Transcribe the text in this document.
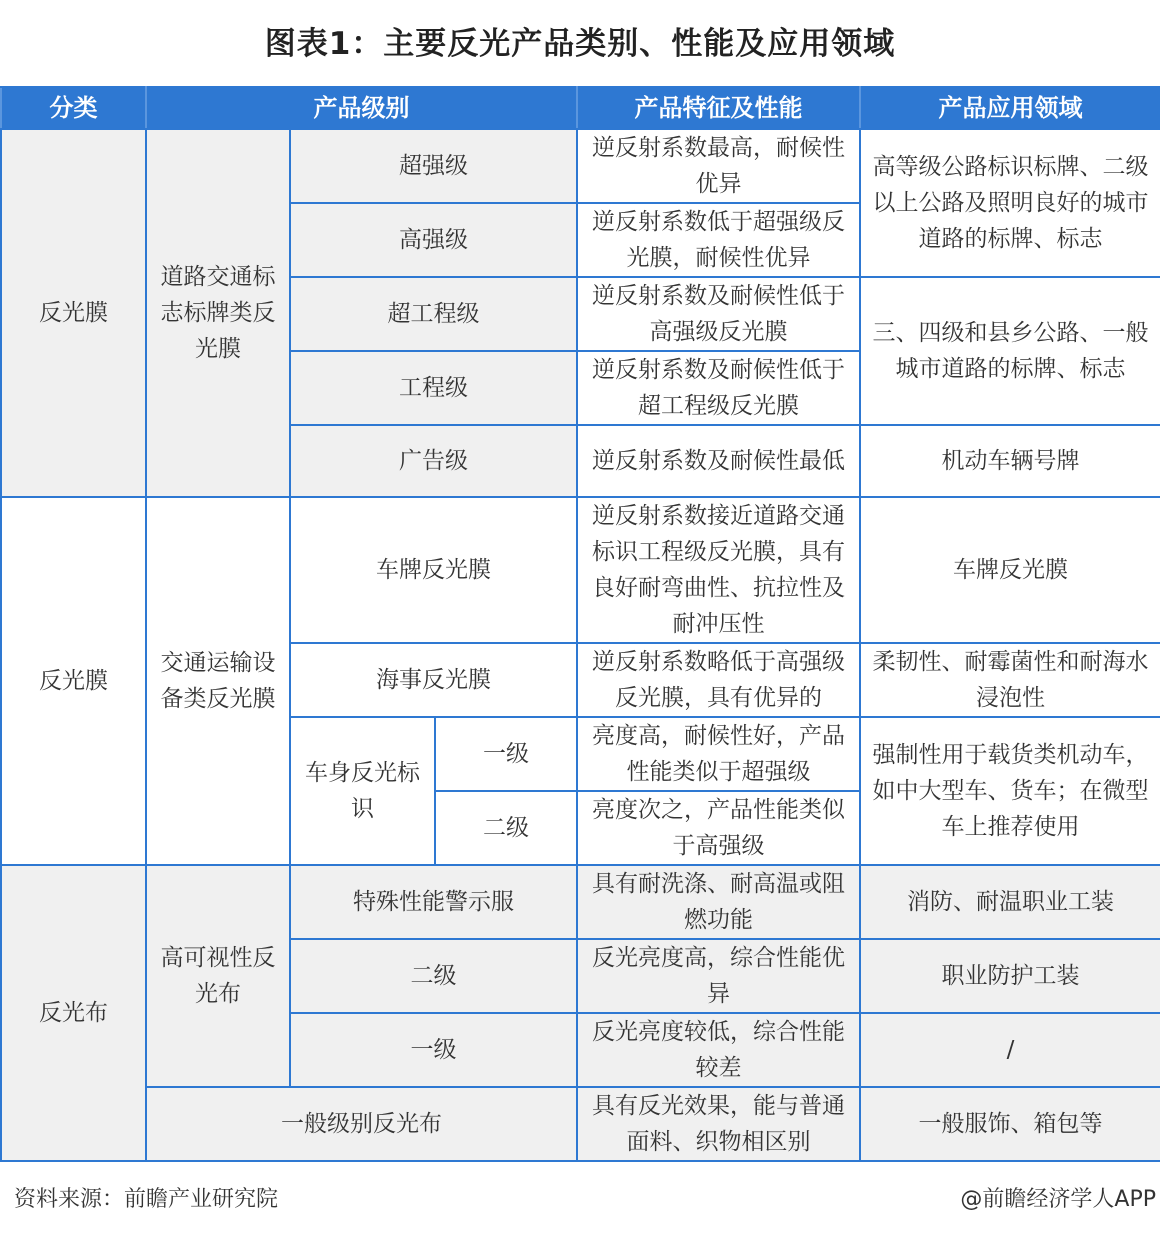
图表1：主要反光产品类别、性能及应用领域
分类	产品级别			产品特征及性能	产品应用领域
反光膜	道路交通标志标牌类反光膜	超强级		逆反射系数最高，耐候性优异	高等级公路标识标牌、二级以上公路及照明良好的城市道路的标牌、标志
		高强级		逆反射系数低于超强级反光膜，耐候性优异	
		超工程级		逆反射系数及耐候性低于高强级反光膜	三、四级和县乡公路、一般城市道路的标牌、标志
		工程级		逆反射系数及耐候性低于超工程级反光膜	
		广告级		逆反射系数及耐候性最低	机动车辆号牌
反光膜	交通运输设备类反光膜	车牌反光膜		逆反射系数接近道路交通标识工程级反光膜，具有良好耐弯曲性、抗拉性及耐冲压性	车牌反光膜
		海事反光膜		逆反射系数略低于高强级反光膜，具有优异的	柔韧性、耐霉菌性和耐海水浸泡性
		车身反光标识	一级	亮度高，耐候性好，产品性能类似于超强级	强制性用于载货类机动车，如中大型车、货车；在微型车上推荐使用
			二级	亮度次之，产品性能类似于高强级	
反光布	高可视性反光布	特殊性能警示服		具有耐洗涤、耐高温或阻燃功能	消防、耐温职业工装
		二级		反光亮度高，综合性能优异	职业防护工装
		一级		反光亮度较低，综合性能较差	/
	一般级别反光布			具有反光效果，能与普通面料、织物相区别	一般服饰、箱包等
资料来源：前瞻产业研究院	@前瞻经济学人APP
